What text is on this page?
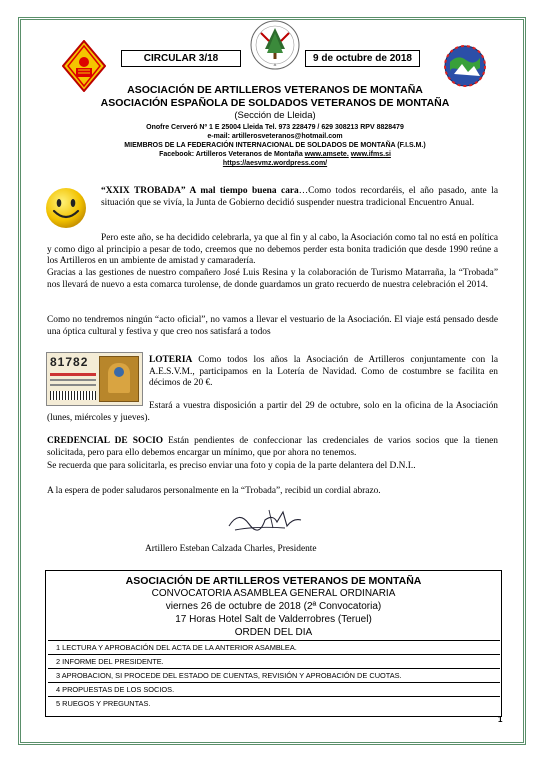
A
CIRCULAR 3/18	9 de octubre de 2018
ASOCIACIÓN DE ARTILLEROS VETERANOS DE MONTAÑA
ASOCIACIÓN ESPAÑOLA DE SOLDADOS VETERANOS DE MONTAÑA
(Sección de Lleida)
Onofre Cerveró Nº 1 E 25004 Lleida Tel. 973 228479 / 629 308213 RPV 8828479
e-mail: artillerosveteranos@hotmail.com
MIEMBROS DE LA FEDERACIÓN INTERNACIONAL DE SOLDADOS DE MONTAÑA (F.I.S.M.)
Facebook: Artilleros Veteranos de Montaña www.amsete. www.ifms.si
https://aesvmz.wordpress.com/
“XXIX TROBADA” A mal tiempo buena cara…Como todos recordaréis, el año pasado, ante la situación que se vivía, la Junta de Gobierno decidió suspender nuestra tradicional Encuentro Anual.
Pero este año, se ha decidido celebrarla, ya que al fin y al cabo, la Asociación como tal no está en política y como digo al principio a pesar de todo, creemos que no debemos perder esta bonita tradición que desde 1990 reúne a los Artilleros en un ambiente de amistad y camaradería.
Gracias a las gestiones de nuestro compañero José Luis Resina y la colaboración de Turismo Matarraña, la “Trobada” nos llevará de nuevo a esta comarca turolense, de donde guardamos un grato recuerdo de nuestra celebración el 2014.
Como no tendremos ningún “acto oficial”, no vamos a llevar el vestuario de la Asociación. El viaje está pensado desde una óptica cultural y festiva y que creo nos satisfará a todos
81782	LOTERIA Como todos los años la Asociación de Artilleros conjuntamente con la A.E.S.V.M., participamos en la Lotería de Navidad. Como de costumbre se facilita en décimos de 20 €.
Estará a vuestra disposición a partir del 29 de octubre, solo en la oficina de la Asociación (lunes, miércoles y jueves).
CREDENCIAL DE SOCIO Están pendientes de confeccionar las credenciales de varios socios que la tienen solicitada, pero para ello debemos encargar un mínimo, que por ahora no tenemos.
Se recuerda que para solicitarla, es preciso enviar una foto y copia de la parte delantera del D.N.I..
A la espera de poder saludaros personalmente en la “Trobada”, recibid un cordial abrazo.
Artillero Esteban Calzada Charles, Presidente
ASOCIACIÓN DE ARTILLEROS VETERANOS DE MONTAÑA
CONVOCATORIA ASAMBLEA GENERAL ORDINARIA
viernes 26 de octubre de 2018 (2ª Convocatoria)
17 Horas Hotel Salt de Valderrobres (Teruel)
ORDEN DEL DIA
1 LECTURA Y APROBACIÓN DEL ACTA DE LA ANTERIOR ASAMBLEA.
2 INFORME DEL PRESIDENTE.
3 APROBACION, SI PROCEDE DEL ESTADO DE CUENTAS, REVISIÓN Y APROBACIÓN DE CUOTAS.
4 PROPUESTAS DE LOS SOCIOS.
5 RUEGOS Y PREGUNTAS.
1
